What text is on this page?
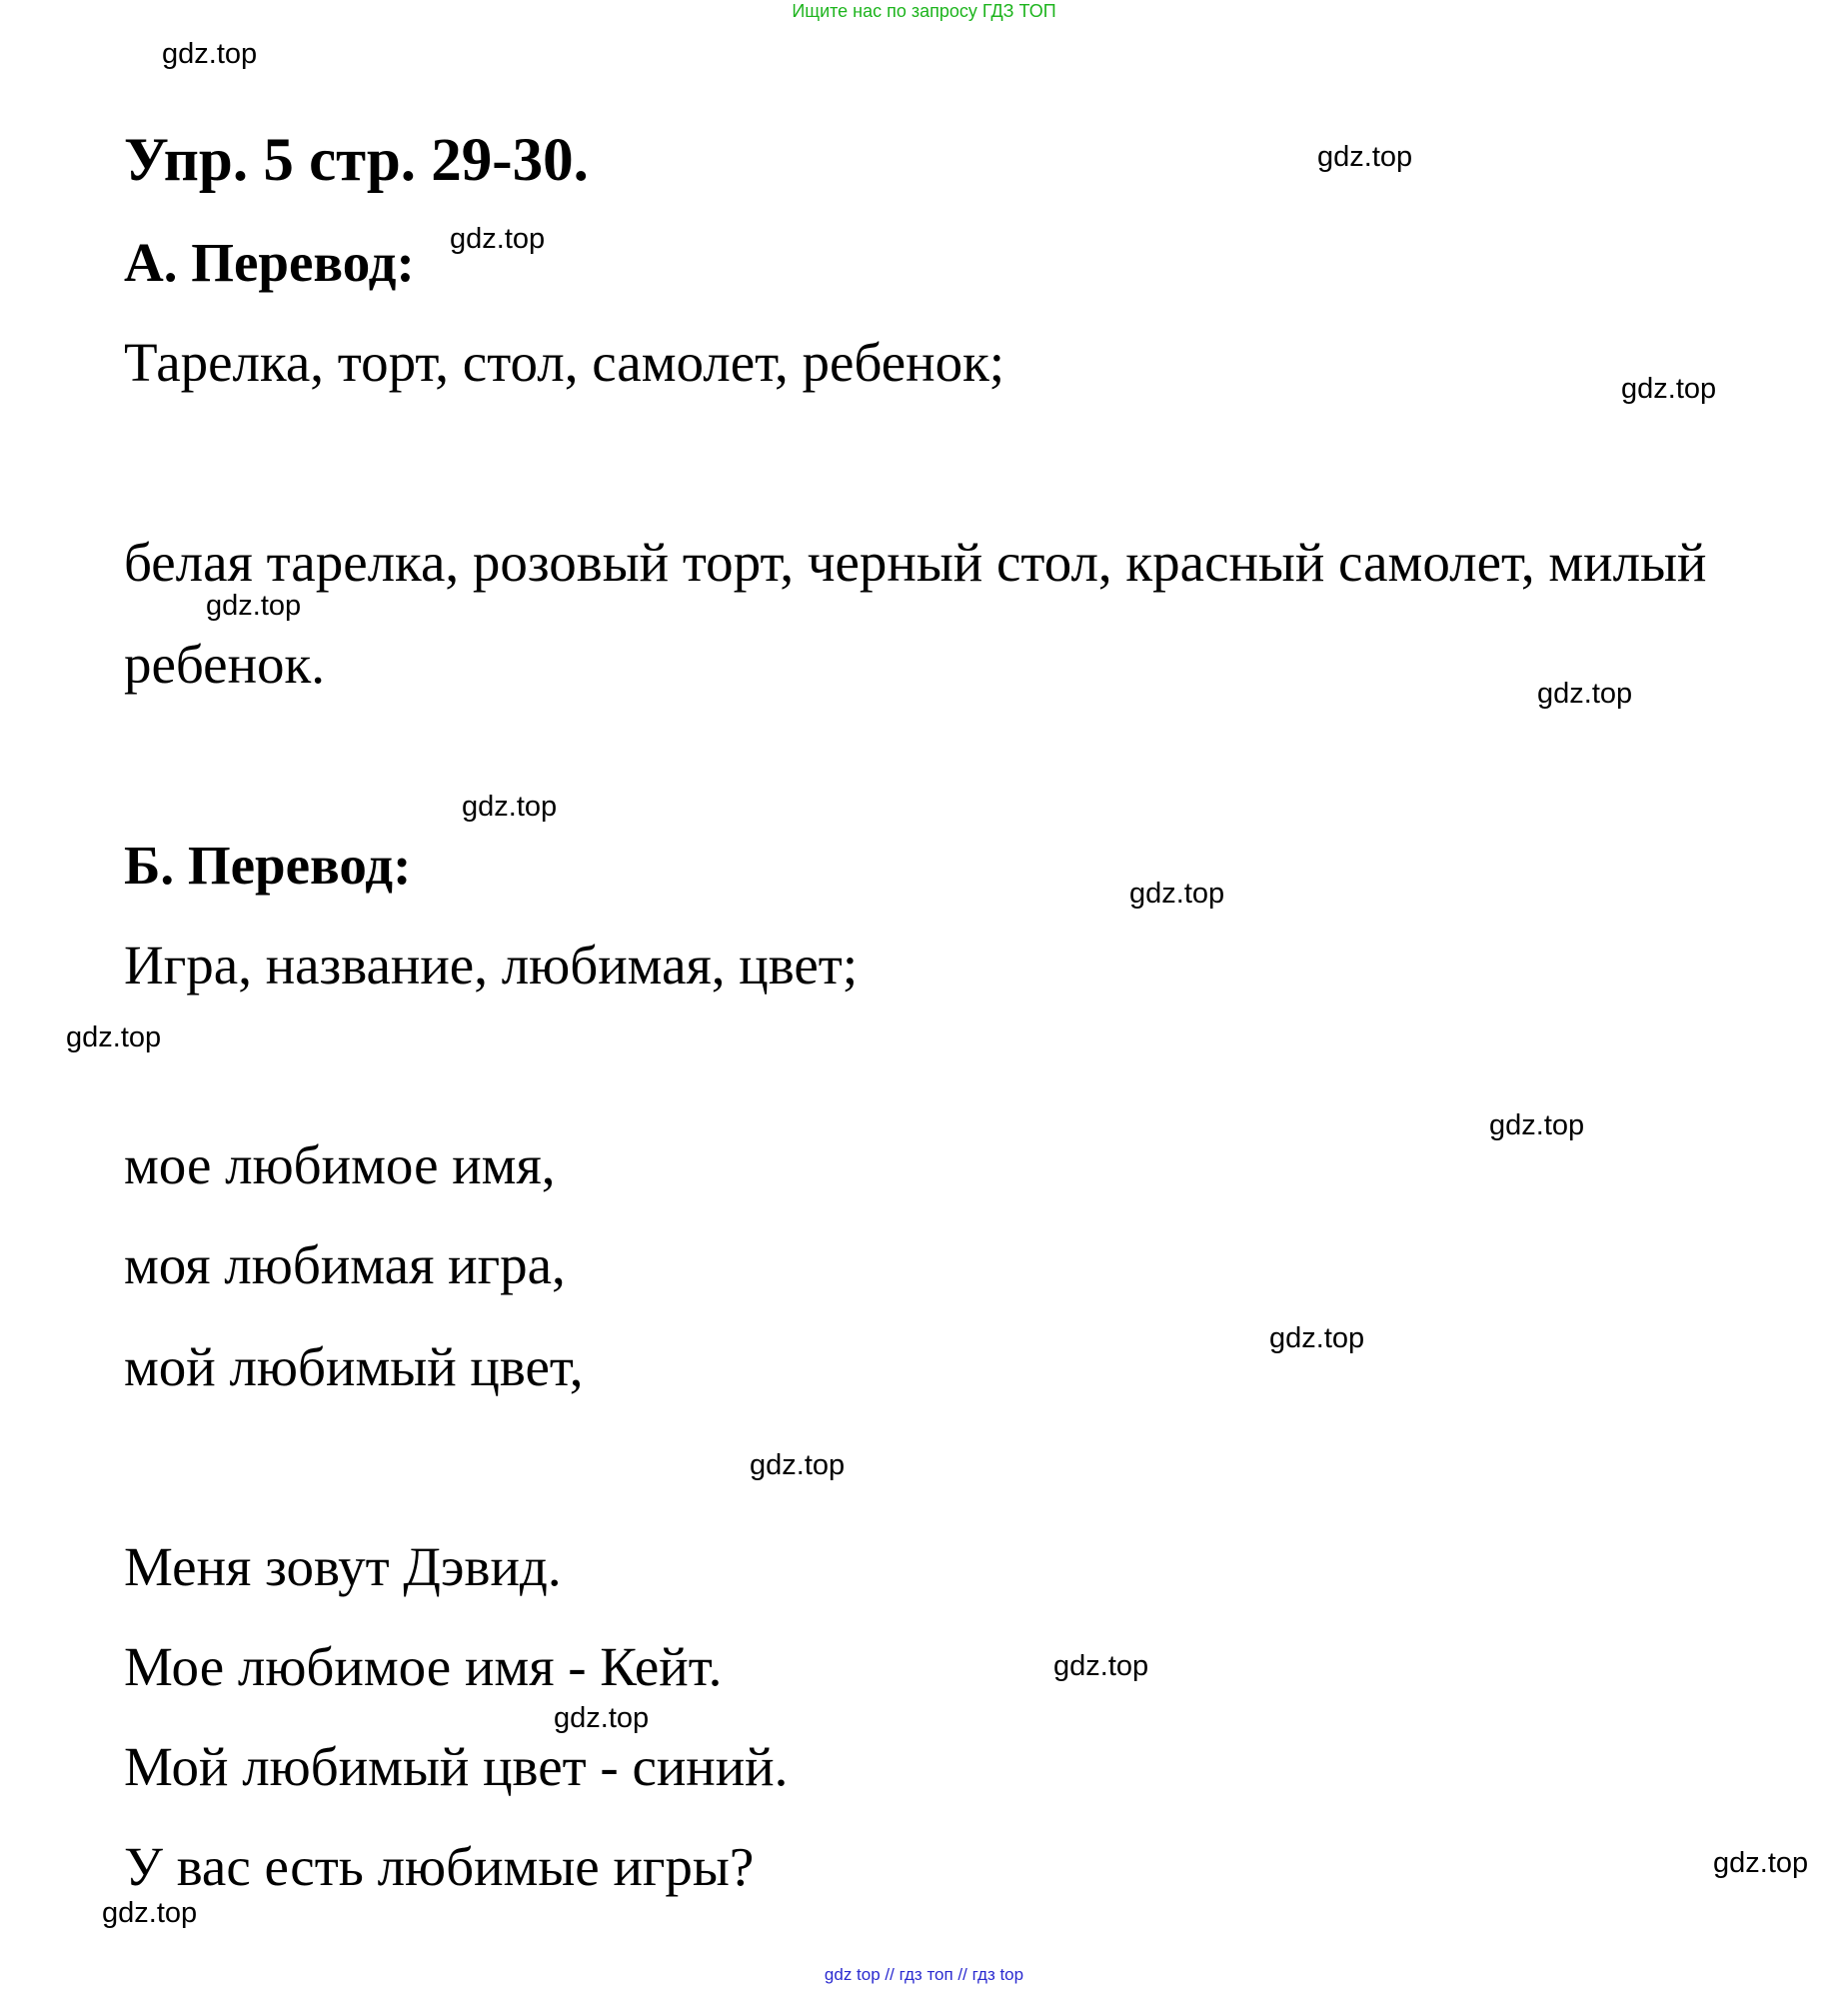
Ищите нас по запросу ГДЗ ТОП
Упр. 5 стр. 29-30.
А. Перевод:
Тарелка, торт, стол, самолет, ребенок;
белая тарелка, розовый торт, черный стол, красный самолет, милый
ребенок.
Б. Перевод:
Игра, название, любимая, цвет;
мое любимое имя,
моя любимая игра,
мой любимый цвет,
Меня зовут Дэвид.
Мое любимое имя - Кейт.
Мой любимый цвет - синий.
У вас есть любимые игры?
gdz.top
gdz.top
gdz.top
gdz.top
gdz.top
gdz.top
gdz.top
gdz.top
gdz.top
gdz.top
gdz.top
gdz.top
gdz.top
gdz.top
gdz.top
gdz.top
gdz top // гдз топ // гдз top
